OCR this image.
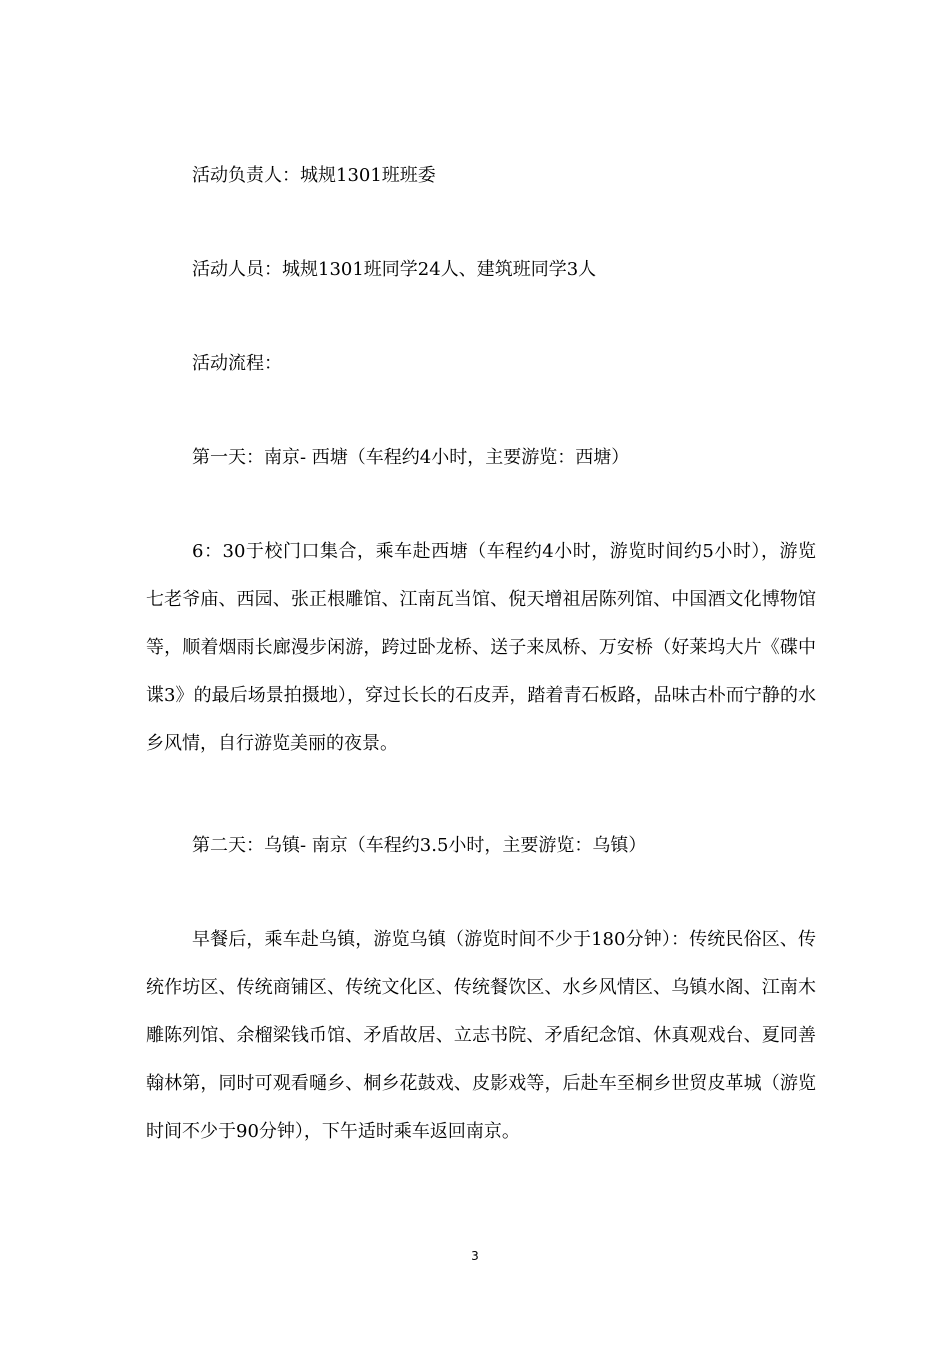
活动负责人：城规1301班班委

活动人员：城规1301班同学24人、建筑班同学3人

活动流程：

第一天：南京- 西塘（车程约4小时，主要游览：西塘）

6：30于校门口集合，乘车赴西塘（车程约4小时，游览时间约5小时），游览七老爷庙、西园、张正根雕馆、江南瓦当馆、倪天增祖居陈列馆、中国酒文化博物馆等，顺着烟雨长廊漫步闲游，跨过卧龙桥、送子来凤桥、万安桥（好莱坞大片《碟中谍3》的最后场景拍摄地），穿过长长的石皮弄，踏着青石板路，品味古朴而宁静的水乡风情，自行游览美丽的夜景。

第二天：乌镇- 南京（车程约3.5小时，主要游览：乌镇）

早餐后，乘车赴乌镇，游览乌镇（游览时间不少于180分钟）：传统民俗区、传统作坊区、传统商铺区、传统文化区、传统餐饮区、水乡风情区、乌镇水阁、江南木雕陈列馆、余榴梁钱币馆、矛盾故居、立志书院、矛盾纪念馆、休真观戏台、夏同善翰林第，同时可观看嗵乡、桐乡花鼓戏、皮影戏等，后赴车至桐乡世贸皮革城（游览时间不少于90分钟），下午适时乘车返回南京。

3
